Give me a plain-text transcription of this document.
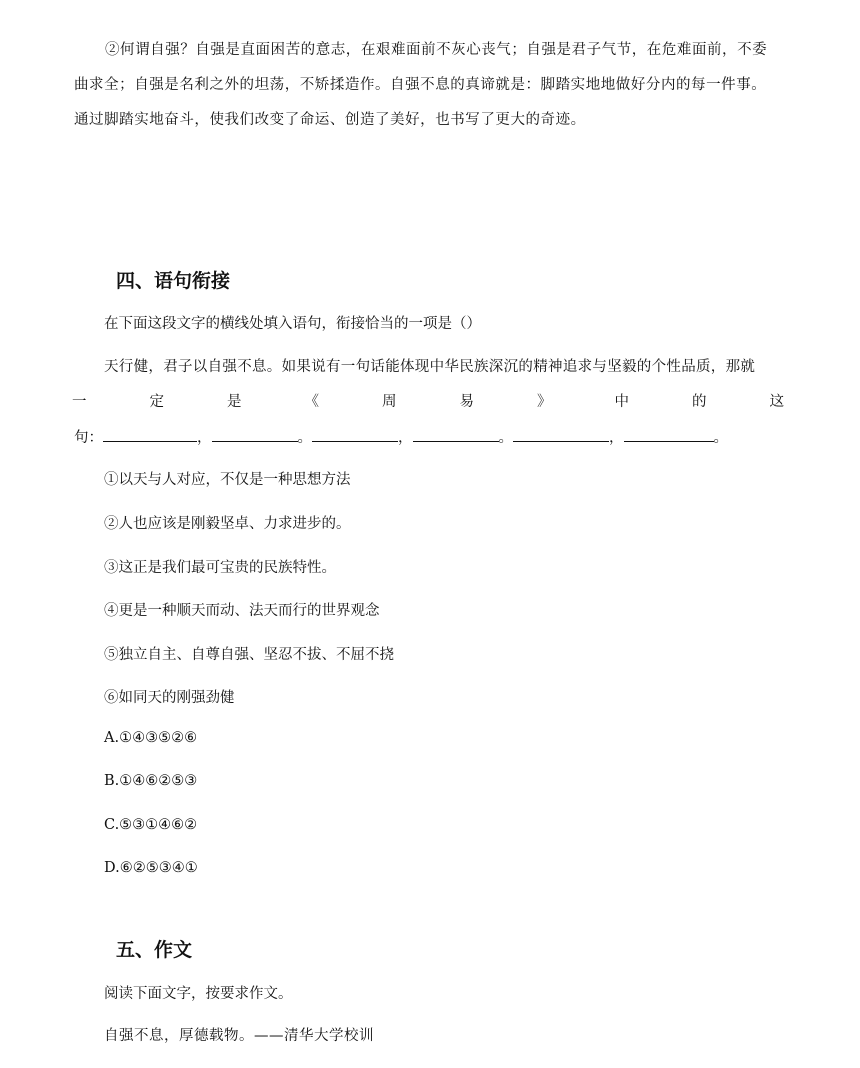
②何谓自强？自强是直面困苦的意志，在艰难面前不灰心丧气；自强是君子气节，在危难面前，不委
曲求全；自强是名利之外的坦荡，不矫揉造作。自强不息的真谛就是：脚踏实地地做好分内的每一件事。
通过脚踏实地奋斗，使我们改变了命运、创造了美好，也书写了更大的奇迹。
四、语句衔接
在下面这段文字的横线处填入语句，衔接恰当的一项是（）
天行健，君子以自强不息。如果说有一句话能体现中华民族深沉的精神追求与坚毅的个性品质，那就
一	定	是	《	周	易	》	中	的	这
句：	，	。	，	。	，	。
①以天与人对应，不仅是一种思想方法
②人也应该是刚毅坚卓、力求进步的。
③这正是我们最可宝贵的民族特性。
④更是一种顺天而动、法天而行的世界观念
⑤独立自主、自尊自强、坚忍不拔、不屈不挠
⑥如同天的刚强劲健
A.①④③⑤②⑥
B.①④⑥②⑤③
C.⑤③①④⑥②
D.⑥②⑤③④①
五、作文
阅读下面文字，按要求作文。
自强不息，厚德载物。——清华大学校训
